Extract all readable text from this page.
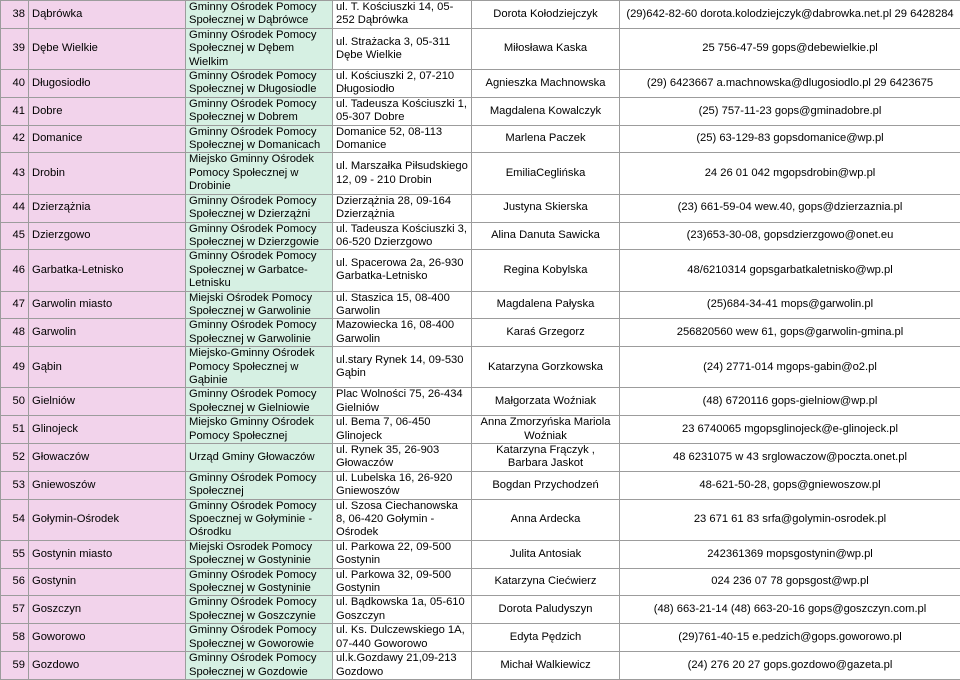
38	Dąbrówka	Gminny Ośrodek Pomocy Społecznej w Dąbrówce	ul. T. Kościuszki 14, 05-252 Dąbrówka	Dorota Kołodziejczyk	(29)642-82-60 dorota.kolodziejczyk@dabrowka.net.pl 29 6428284
39	Dębe Wielkie	Gminny Ośrodek Pomocy Społecznej w Dębem Wielkim	ul. Strażacka 3, 05-311 Dębe Wielkie	Miłosława Kaska	25 756-47-59 gops@debewielkie.pl
40	Długosiodło	Gminny Ośrodek Pomocy Społecznej w Długosiodle	ul. Kościuszki 2, 07-210 Długosiodło	Agnieszka Machnowska	(29) 6423667 a.machnowska@dlugosiodlo.pl 29 6423675
41	Dobre	Gminny Ośrodek Pomocy Społecznej w Dobrem	ul. Tadeusza Kościuszki 1, 05-307 Dobre	Magdalena Kowalczyk	(25) 757-11-23 gops@gminadobre.pl
42	Domanice	Gminny Ośrodek Pomocy Społecznej w Domanicach	Domanice 52, 08-113 Domanice	Marlena Paczek	(25) 63-129-83 gopsdomanice@wp.pl
43	Drobin	Miejsko Gminny Ośrodek Pomocy Społecznej w Drobinie	ul. Marszałka Piłsudskiego 12, 09 - 210 Drobin	EmiliaCeglińska	24 26 01 042 mgopsdrobin@wp.pl
44	Dzierzążnia	Gminny Ośrodek Pomocy Społecznej w Dzierzążni	Dzierzążnia 28, 09-164 Dzierzążnia	Justyna Skierska	(23) 661-59-04 wew.40, gops@dzierzaznia.pl
45	Dzierzgowo	Gminny Ośrodek Pomocy Społecznej w Dzierzgowie	ul. Tadeusza Kościuszki 3, 06-520 Dzierzgowo	Alina Danuta Sawicka	(23)653-30-08, gopsdzierzgowo@onet.eu
46	Garbatka-Letnisko	Gminny Ośrodek Pomocy Społecznej w Garbatce-Letnisku	ul. Spacerowa 2a, 26-930 Garbatka-Letnisko	Regina Kobylska	48/6210314 gopsgarbatkaletnisko@wp.pl
47	Garwolin miasto	Miejski Ośrodek Pomocy Społecznej w Garwolinie	ul. Staszica 15, 08-400 Garwolin	Magdalena Pałyska	(25)684-34-41 mops@garwolin.pl
48	Garwolin	Gminny Ośrodek Pomocy Społecznej w Garwolinie	Mazowiecka 16, 08-400 Garwolin	Karaś Grzegorz	256820560 wew 61, gops@garwolin-gmina.pl
49	Gąbin	Miejsko-Gminny Ośrodek Pomocy Społecznej w Gąbinie	ul.stary Rynek 14, 09-530 Gąbin	Katarzyna Gorzkowska	(24) 2771-014 mgops-gabin@o2.pl
50	Gielniów	Gminny Ośrodek Pomocy Społecznej w Gielniowie	Plac Wolności 75, 26-434 Gielniów	Małgorzata Woźniak	(48) 6720116 gops-gielniow@wp.pl
51	Glinojeck	Miejsko Gminny Ośrodek Pomocy Społecznej	ul. Bema 7, 06-450 Glinojeck	Anna Zmorzyńska Mariola Woźniak	23 6740065 mgopsglinojeck@e-glinojeck.pl
52	Głowaczów	Urząd Gminy Głowaczów	ul. Rynek 35, 26-903 Głowaczów	Katarzyna Frączyk , Barbara Jaskot	48 6231075 w 43 srglowaczow@poczta.onet.pl
53	Gniewoszów	Gminny Ośrodek Pomocy Społecznej	ul. Lubelska 16, 26-920 Gniewoszów	Bogdan Przychodzeń	48-621-50-28, gops@gniewoszow.pl
54	Gołymin-Ośrodek	Gminny Ośrodek Pomocy Spoecznej w Gołyminie - Ośrodku	ul. Szosa Ciechanowska 8, 06-420 Gołymin - Ośrodek	Anna Ardecka	23 671 61 83 srfa@golymin-osrodek.pl
55	Gostynin miasto	Miejski Osrodek Pomocy Społecznej w Gostyninie	ul. Parkowa 22, 09-500 Gostynin	Julita Antosiak	242361369 mopsgostynin@wp.pl
56	Gostynin	Gminny Ośrodek Pomocy Społecznej w Gostyninie	ul. Parkowa 32, 09-500 Gostynin	Katarzyna Ciećwierz	024 236 07 78 gopsgost@wp.pl
57	Goszczyn	Gminny Ośrodek Pomocy Społecznej w Goszczynie	ul. Bądkowska 1a, 05-610 Goszczyn	Dorota Paludyszyn	(48) 663-21-14 (48) 663-20-16 gops@goszczyn.com.pl
58	Goworowo	Gminny Ośrodek Pomocy Społecznej w Goworowie	ul. Ks. Dulczewskiego 1A, 07-440 Goworowo	Edyta Pędzich	(29)761-40-15 e.pedzich@gops.goworowo.pl
59	Gozdowo	Gminny Ośrodek Pomocy Społecznej w Gozdowie	ul.k.Gozdawy 21,09-213 Gozdowo	Michał Walkiewicz	(24) 276 20 27 gops.gozdowo@gazeta.pl
